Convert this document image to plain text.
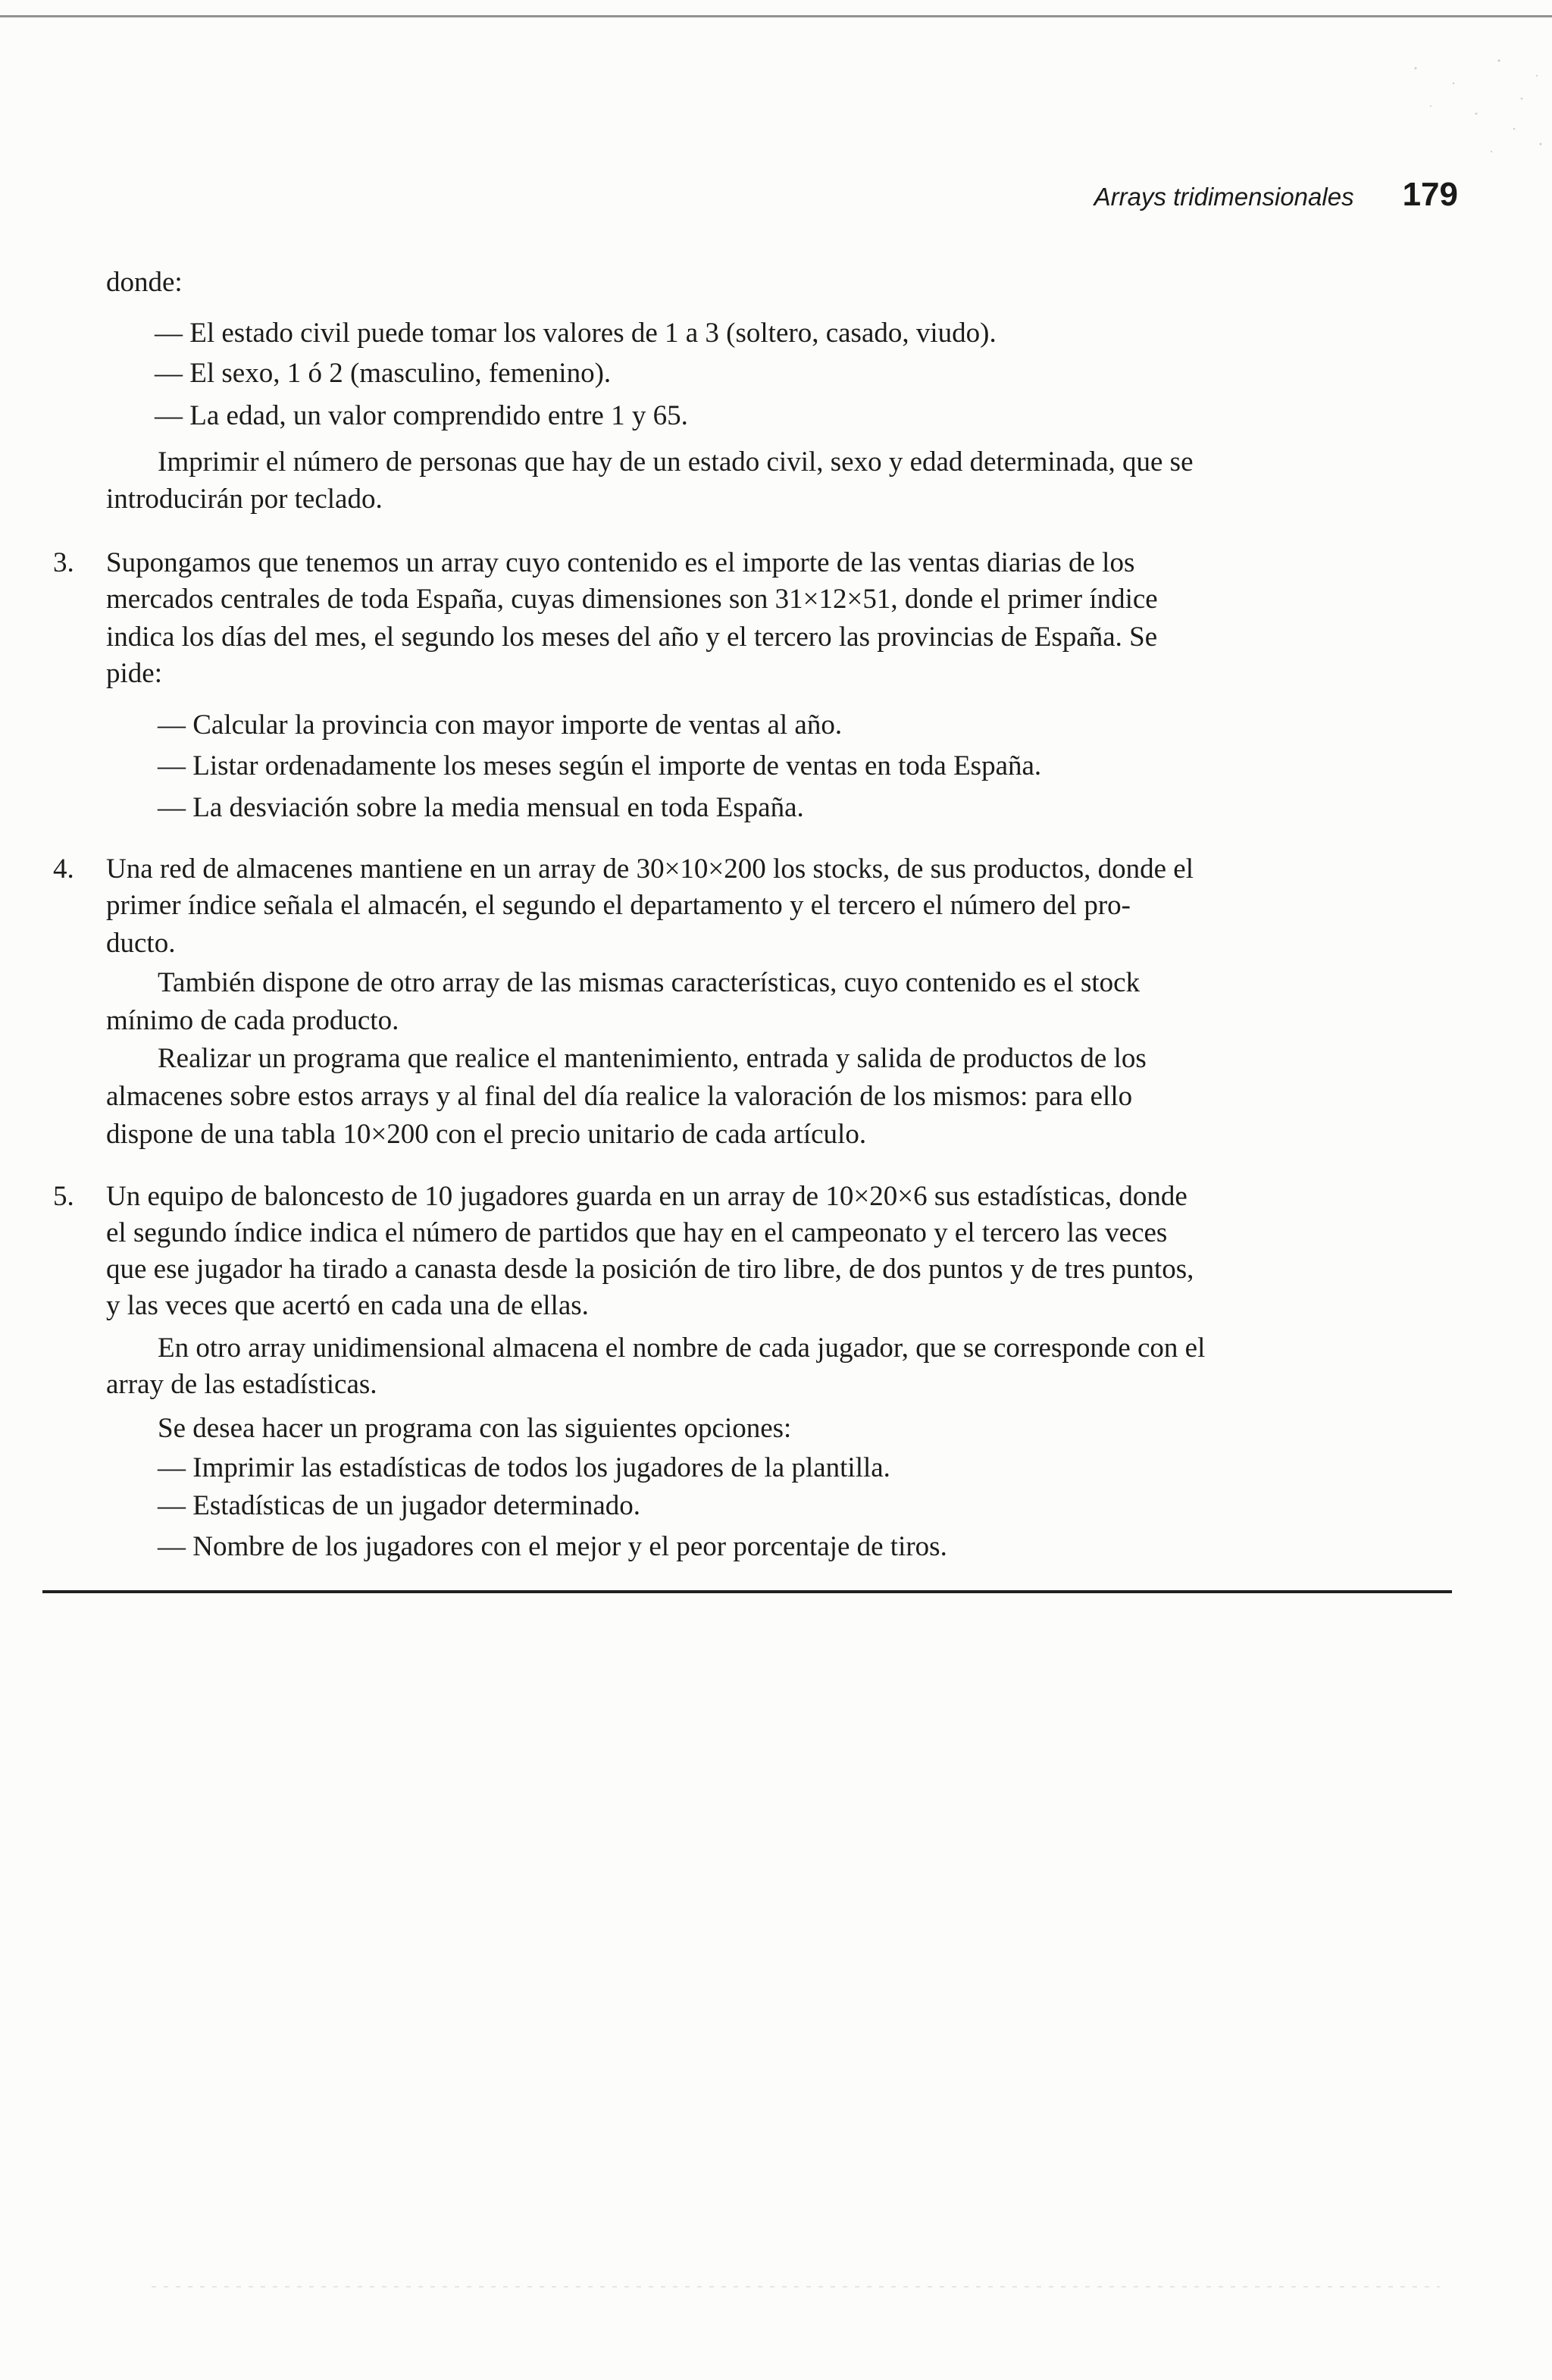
Arrays tridimensionales 179
donde:
— El estado civil puede tomar los valores de 1 a 3 (soltero, casado, viudo).
— El sexo, 1 ó 2 (masculino, femenino).
— La edad, un valor comprendido entre 1 y 65.
Imprimir el número de personas que hay de un estado civil, sexo y edad determinada, que se
introducirán por teclado.
3. Supongamos que tenemos un array cuyo contenido es el importe de las ventas diarias de los
mercados centrales de toda España, cuyas dimensiones son 31×12×51, donde el primer índice
indica los días del mes, el segundo los meses del año y el tercero las provincias de España. Se
pide:
— Calcular la provincia con mayor importe de ventas al año.
— Listar ordenadamente los meses según el importe de ventas en toda España.
— La desviación sobre la media mensual en toda España.
4. Una red de almacenes mantiene en un array de 30×10×200 los stocks, de sus productos, donde el
primer índice señala el almacén, el segundo el departamento y el tercero el número del pro-
ducto.
También dispone de otro array de las mismas características, cuyo contenido es el stock
mínimo de cada producto.
Realizar un programa que realice el mantenimiento, entrada y salida de productos de los
almacenes sobre estos arrays y al final del día realice la valoración de los mismos: para ello
dispone de una tabla 10×200 con el precio unitario de cada artículo.
5. Un equipo de baloncesto de 10 jugadores guarda en un array de 10×20×6 sus estadísticas, donde
el segundo índice indica el número de partidos que hay en el campeonato y el tercero las veces
que ese jugador ha tirado a canasta desde la posición de tiro libre, de dos puntos y de tres puntos,
y las veces que acertó en cada una de ellas.
En otro array unidimensional almacena el nombre de cada jugador, que se corresponde con el
array de las estadísticas.
Se desea hacer un programa con las siguientes opciones:
— Imprimir las estadísticas de todos los jugadores de la plantilla.
— Estadísticas de un jugador determinado.
— Nombre de los jugadores con el mejor y el peor porcentaje de tiros.
